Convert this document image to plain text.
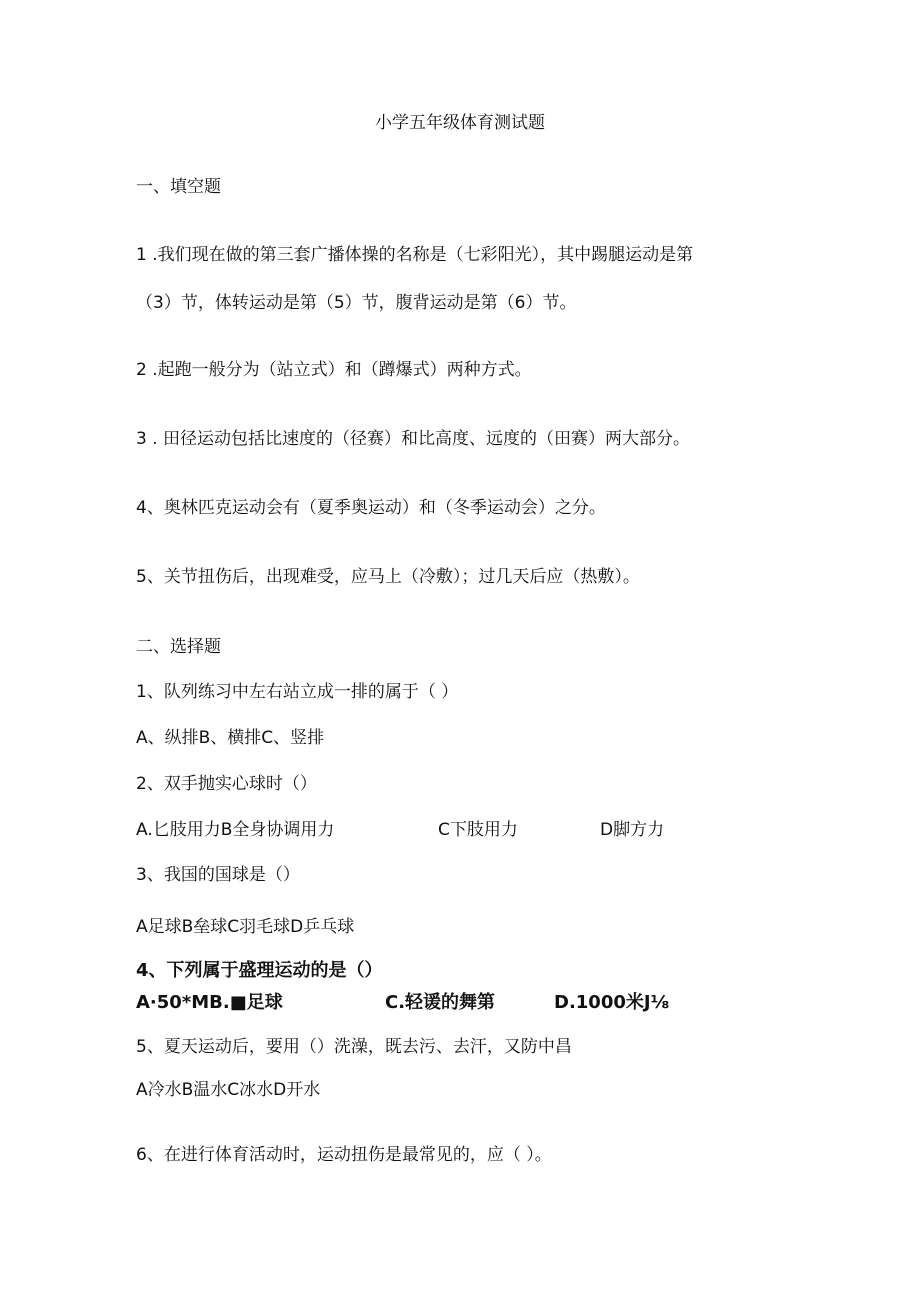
小学五年级体育测试题
一、填空题
1 .我们现在做的第三套广播体操的名称是（七彩阳光），其中踢腿运动是第
（3）节，体转运动是第（5）节，腹背运动是第（6）节。
2 .起跑一般分为（站立式）和（蹲爆式）两种方式。
3 . 田径运动包括比速度的（径赛）和比高度、远度的（田赛）两大部分。
4、奥林匹克运动会有（夏季奥运动）和（冬季运动会）之分。
5、关节扭伤后，出现难受，应马上（冷敷）；过几天后应（热敷）。
二、选择题
1、队列练习中左右站立成一排的属于（ ）
A、纵排B、横排C、竖排
2、双手抛实心球时（）
A.匕肢用力B全身协调用力	C下肢用力	D脚方力
3、我国的国球是（）
A足球B垒球C羽毛球D乒乓球
4、下列属于盛理运动的是（）
A·50*MB.■足球	C.轻谖的舞第	D.1000米J⅛
5、夏天运动后，要用（）洗澡，既去污、去汗，又防中昌
A冷水B温水C冰水D开水
6、在进行体育活动时，运动扭伤是最常见的，应（ ）。
